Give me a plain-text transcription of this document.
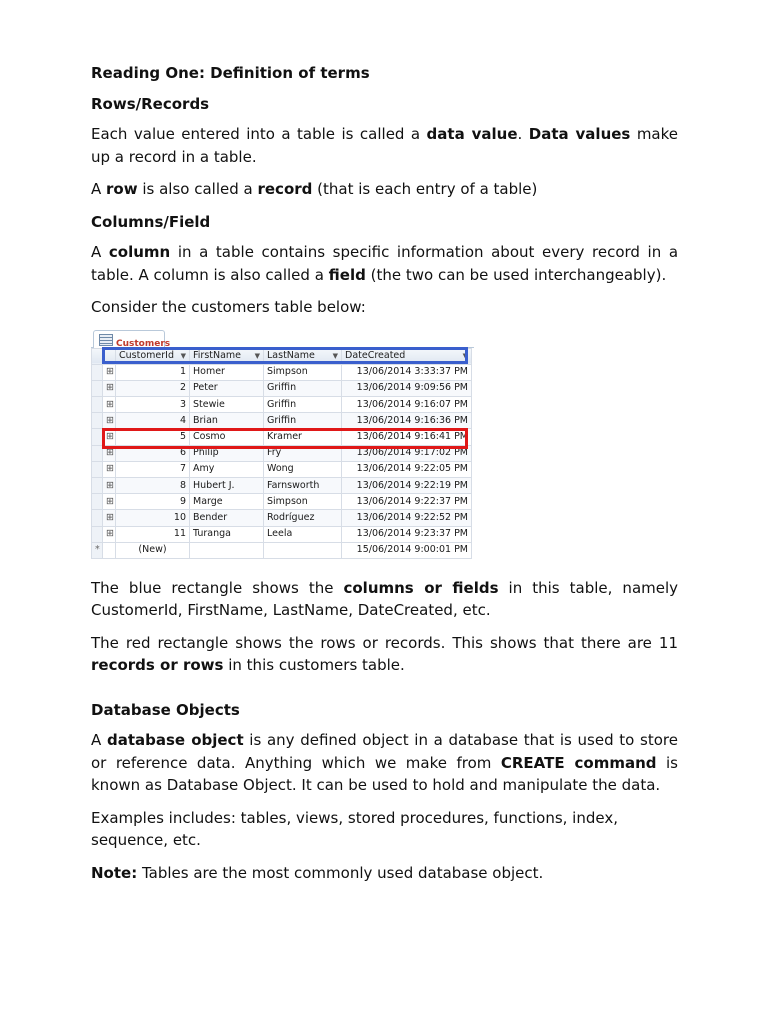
Reading One: Definition of terms
Rows/Records

Each value entered into a table is called a data value. Data values make up a record in a table.

A row is also called a record (that is each entry of a table)

Columns/Field

A column in a table contains specific information about every record in a table. A column is also called a field (the two can be used interchangeably).

Consider the customers table below:

Customers
		CustomerId ▼	FirstName ▼	LastName ▼	DateCreated ▼

	⊞	1	Homer	Simpson	13/06/2014 3:33:37 PM
	⊞	2	Peter	Griffin	13/06/2014 9:09:56 PM
	⊞	3	Stewie	Griffin	13/06/2014 9:16:07 PM
	⊞	4	Brian	Griffin	13/06/2014 9:16:36 PM
	⊞	5	Cosmo	Kramer	13/06/2014 9:16:41 PM
	⊞	6	Philip	Fry	13/06/2014 9:17:02 PM
	⊞	7	Amy	Wong	13/06/2014 9:22:05 PM
	⊞	8	Hubert J.	Farnsworth	13/06/2014 9:22:19 PM
	⊞	9	Marge	Simpson	13/06/2014 9:22:37 PM
	⊞	10	Bender	Rodríguez	13/06/2014 9:22:52 PM
	⊞	11	Turanga	Leela	13/06/2014 9:23:37 PM
*		(New)			15/06/2014 9:00:01 PM

The blue rectangle shows the columns or fields in this table, namely CustomerId, FirstName, LastName, DateCreated, etc.

The red rectangle shows the rows or records. This shows that there are 11 records or rows in this customers table.

Database Objects

A database object is any defined object in a database that is used to store or reference data. Anything which we make from CREATE command is known as Database Object. It can be used to hold and manipulate the data.

Examples includes: tables, views, stored procedures, functions, index, sequence, etc.

Note: Tables are the most commonly used database object.
